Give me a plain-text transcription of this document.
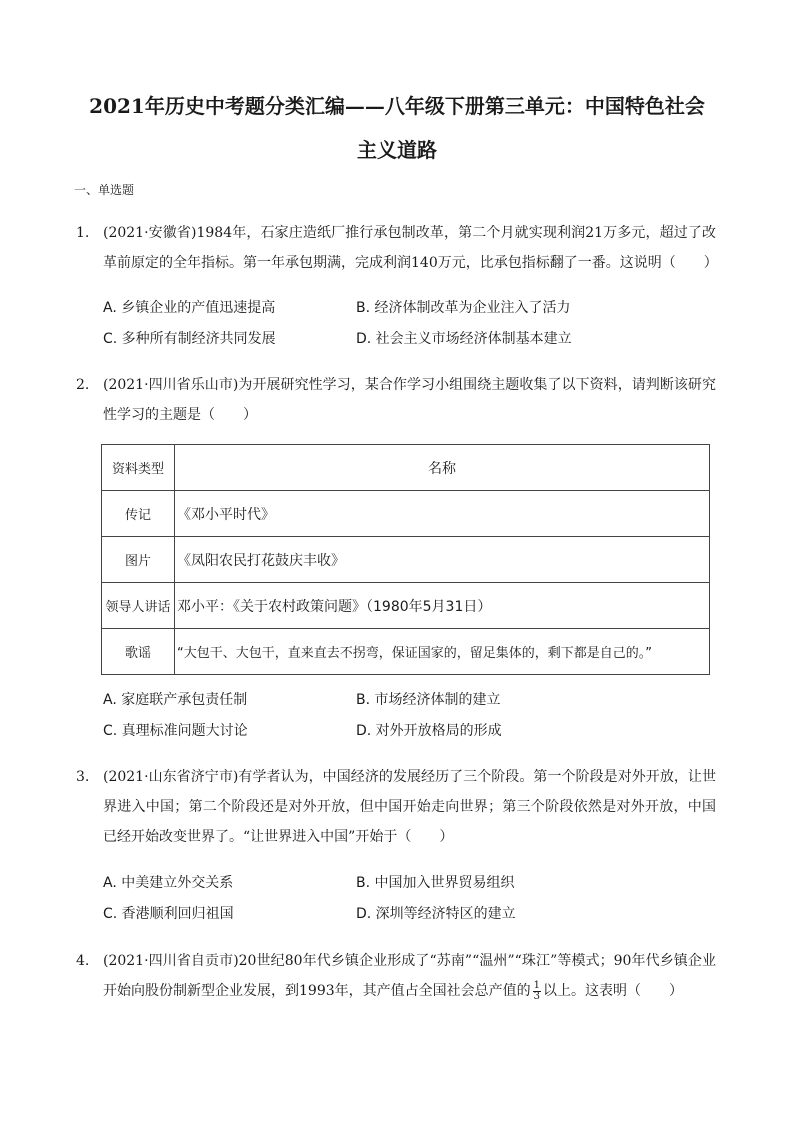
2021年历史中考题分类汇编——八年级下册第三单元：中国特色社会
主义道路
一、单选题
1. (2021·安徽省)1984年，石家庄造纸厂推行承包制改革，第二个月就实现利润21万多元，超过了改革前原定的全年指标。第一年承包期满，完成利润140万元，比承包指标翻了一番。这说明（　　）
A. 乡镇企业的产值迅速提高	B. 经济体制改革为企业注入了活力
C. 多种所有制经济共同发展	D. 社会主义市场经济体制基本建立
2. (2021·四川省乐山市)为开展研究性学习，某合作学习小组围绕主题收集了以下资料，请判断该研究性学习的主题是（　　）
资料类型	名称
传记	《邓小平时代》
图片	《凤阳农民打花鼓庆丰收》
领导人讲话	邓小平：《关于农村政策问题》（1980年5月31日）
歌谣	“大包干、大包干，直来直去不拐弯，保证国家的，留足集体的，剩下都是自己的。”
A. 家庭联产承包责任制	B. 市场经济体制的建立
C. 真理标准问题大讨论	D. 对外开放格局的形成
3. (2021·山东省济宁市)有学者认为，中国经济的发展经历了三个阶段。第一个阶段是对外开放，让世界进入中国；第二个阶段还是对外开放，但中国开始走向世界；第三个阶段依然是对外开放，中国已经开始改变世界了。“让世界进入中国”开始于（　　）
A. 中美建立外交关系	B. 中国加入世界贸易组织
C. 香港顺利回归祖国	D. 深圳等经济特区的建立
4. (2021·四川省自贡市)20世纪80年代乡镇企业形成了“苏南”“温州”“珠江”等模式；90年代乡镇企业开始向股份制新型企业发展，到1993年，其产值占全国社会总产值的 $\frac{1}{3}$ 以上。这表明（　　）
